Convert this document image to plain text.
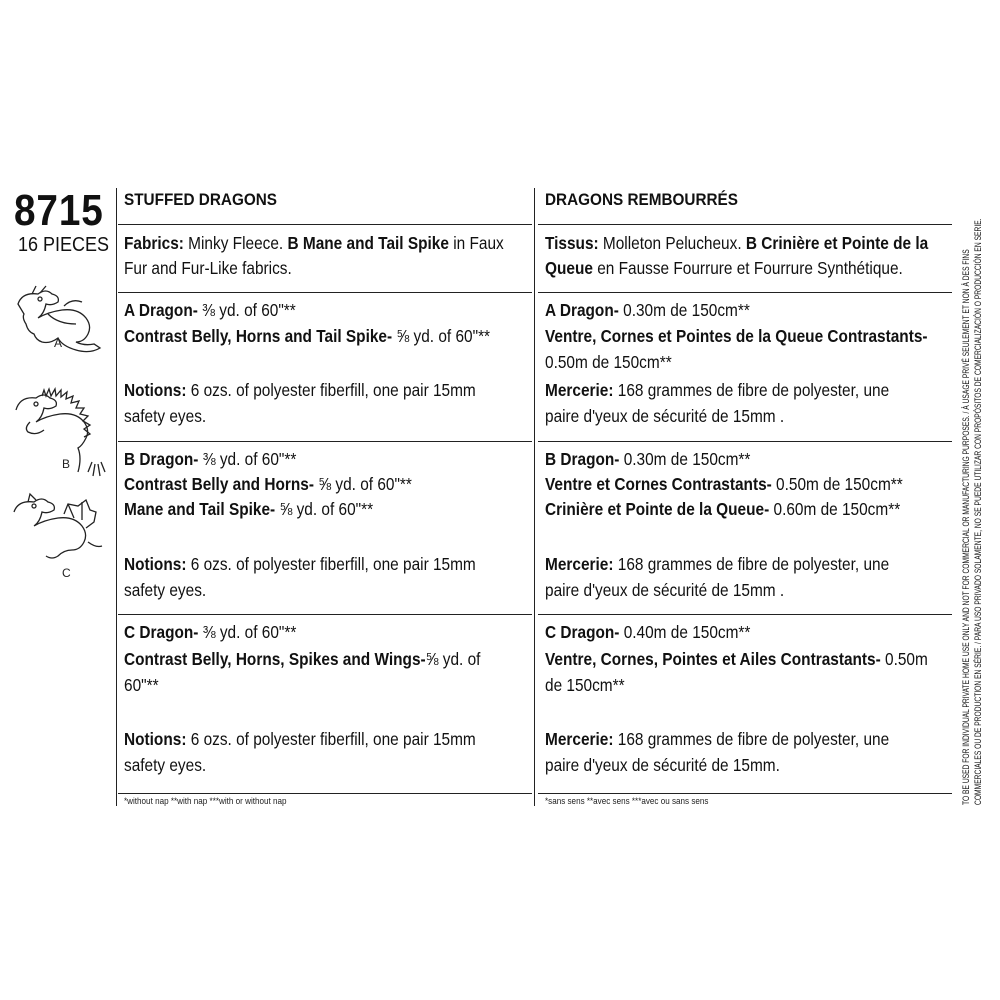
8715
16 PIECES
STUFFED DRAGONS	DRAGONS REMBOURRÉS
A
B
C
Fabrics: Minky Fleece. B Mane and Tail Spike in Faux
Fur and Fur-Like fabrics.
A Dragon- ⅜ yd. of 60"**
Contrast Belly, Horns and Tail Spike- ⅝ yd. of 60"**
Notions: 6 ozs. of polyester fiberfill, one pair 15mm
safety eyes.
B Dragon- ⅜ yd. of 60"**
Contrast Belly and Horns- ⅝ yd. of 60"**
Mane and Tail Spike- ⅝ yd. of 60"**
Notions: 6 ozs. of polyester fiberfill, one pair 15mm
safety eyes.
C Dragon- ⅜ yd. of 60"**
Contrast Belly, Horns, Spikes and Wings-⅝ yd. of
60"**
Notions: 6 ozs. of polyester fiberfill, one pair 15mm
safety eyes.
*without nap **with nap ***with or without nap
Tissus: Molleton Pelucheux. B Crinière et Pointe de la
Queue en Fausse Fourrure et Fourrure Synthétique.
A Dragon- 0.30m de 150cm**
Ventre, Cornes et Pointes de la Queue Contrastants-
0.50m de 150cm**
Mercerie: 168 grammes de fibre de polyester, une
paire d'yeux de sécurité de 15mm .
B Dragon- 0.30m de 150cm**
Ventre et Cornes Contrastants- 0.50m de 150cm**
Crinière et Pointe de la Queue- 0.60m de 150cm**
Mercerie: 168 grammes de fibre de polyester, une
paire d'yeux de sécurité de 15mm .
C Dragon- 0.40m de 150cm**
Ventre, Cornes, Pointes et Ailes Contrastants- 0.50m
de 150cm**
Mercerie: 168 grammes de fibre de polyester, une
paire d'yeux de sécurité de 15mm.
*sans sens **avec sens ***avec ou sans sens	TO BE USED FOR INDIVIDUAL PRIVATE HOME USE ONLY AND NOT FOR COMMERCIAL OR MANUFACTURING PURPOSES. / À USAGE PRIVÉ SEULEMENT ET NON À DES FINS COMMERCIALES OU DE PRODUCTION EN SÉRIE. / PARA USO PRIVADO SOLAMENTE, NO SE PUEDE UTILIZAR CON PROPÓSITOS DE COMERCIALIZACIÓN O PRODUCCIÓN EN SERIE.
